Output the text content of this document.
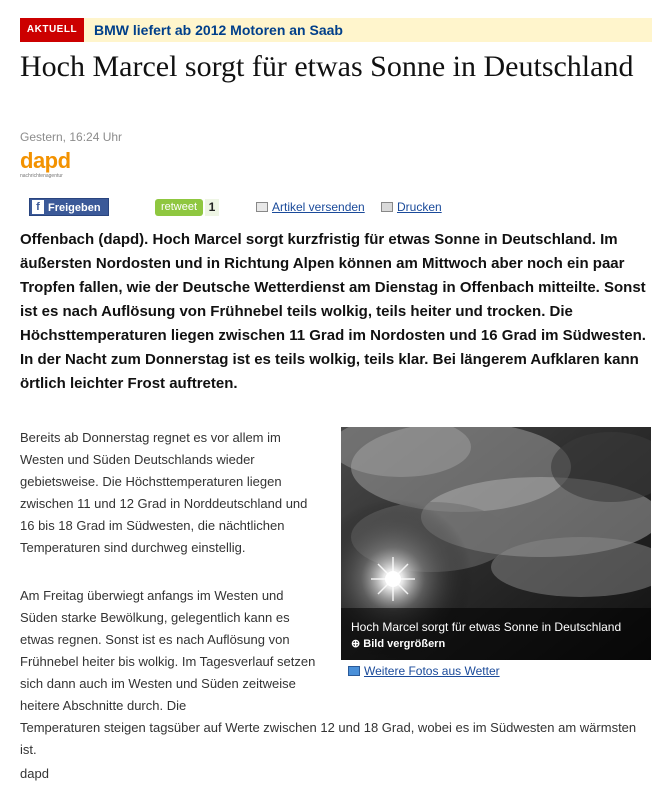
AKTUELL	BMW liefert ab 2012 Motoren an Saab
Hoch Marcel sorgt für etwas Sonne in Deutschland
Gestern, 16:24 Uhr
dapd
nachrichtenagentur
f Freigeben	retweet 1	Artikel versenden	Drucken

Offenbach (dapd). Hoch Marcel sorgt kurzfristig für etwas Sonne in Deutschland. Im äußersten Nordosten und in Richtung Alpen können am Mittwoch aber noch ein paar Tropfen fallen, wie der Deutsche Wetterdienst am Dienstag in Offenbach mitteilte. Sonst ist es nach Auflösung von Frühnebel teils wolkig, teils heiter und trocken. Die Höchsttemperaturen liegen zwischen 11 Grad im Nordosten und 16 Grad im Südwesten. In der Nacht zum Donnerstag ist es teils wolkig, teils klar. Bei längerem Aufklaren kann örtlich leichter Frost auftreten.

Bereits ab Donnerstag regnet es vor allem im Westen und Süden Deutschlands wieder gebietsweise. Die Höchsttemperaturen liegen zwischen 11 und 12 Grad in Norddeutschland und 16 bis 18 Grad im Südwesten, die nächtlichen Temperaturen sind durchweg einstellig.

Am Freitag überwiegt anfangs im Westen und Süden starke Bewölkung, gelegentlich kann es etwas regnen. Sonst ist es nach Auflösung von Frühnebel heiter bis wolkig. Im Tagesverlauf setzen sich dann auch im Westen und Süden zeitweise heitere Abschnitte durch. Die

Hoch Marcel sorgt für etwas Sonne in Deutschland
⊕ Bild vergrößern
Weitere Fotos aus Wetter

Temperaturen steigen tagsüber auf Werte zwischen 12 und 18 Grad, wobei es im Südwesten am wärmsten ist.

dapd
